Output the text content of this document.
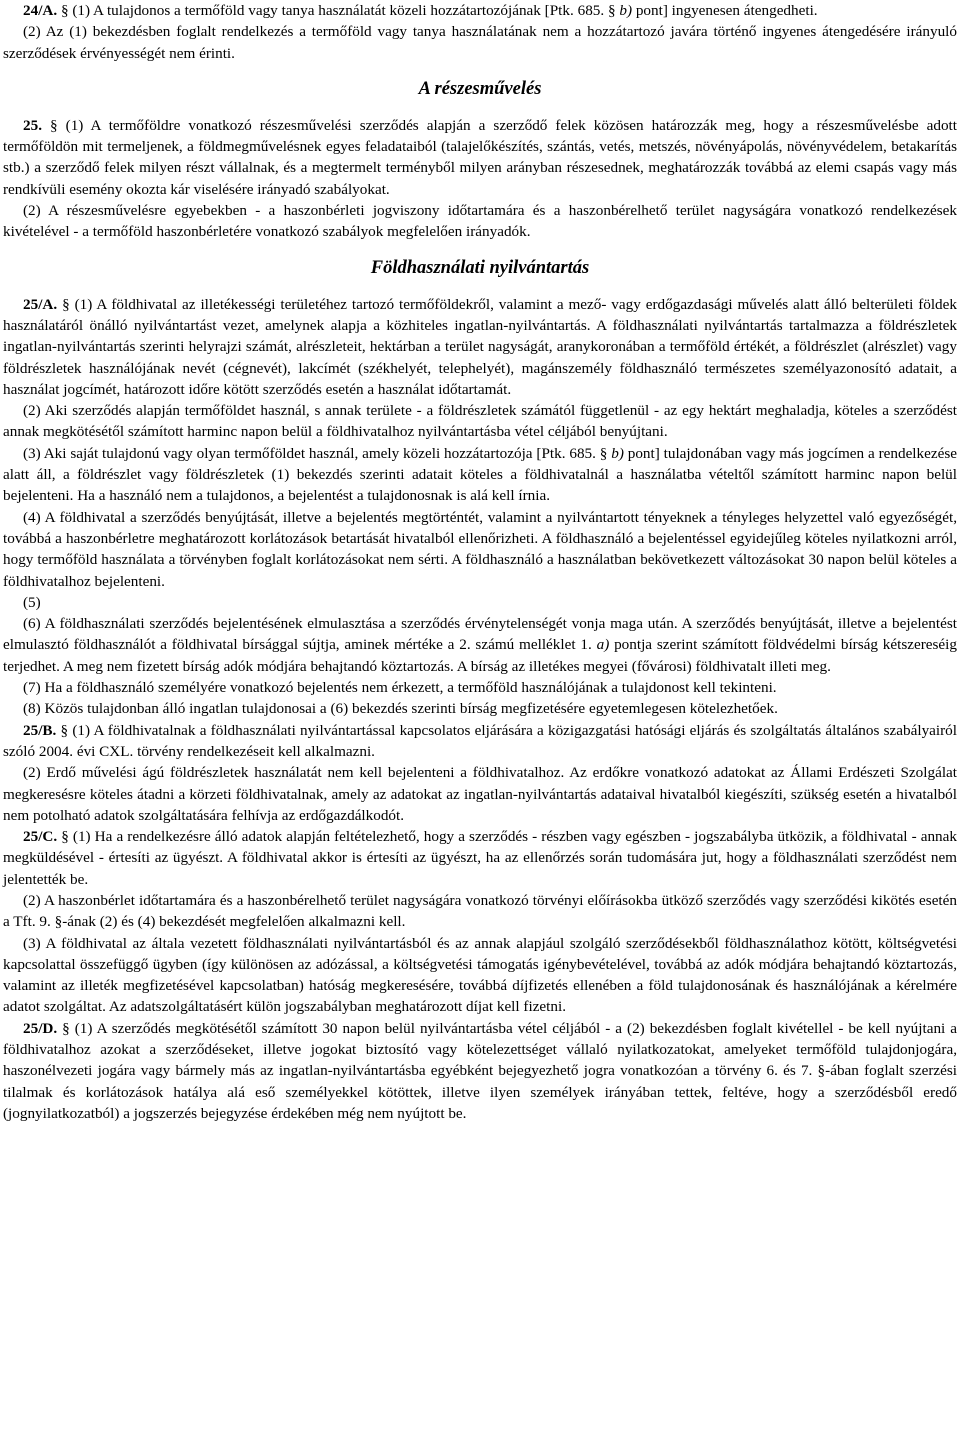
24/A. § (1) A tulajdonos a termőföld vagy tanya használatát közeli hozzátartozójának [Ptk. 685. § b) pont] ingyenesen átengedheti.

(2) Az (1) bekezdésben foglalt rendelkezés a termőföld vagy tanya használatának nem a hozzátartozó javára történő ingyenes átengedésére irányuló szerződések érvényességét nem érinti.

A részesművelés

25. § (1) A termőföldre vonatkozó részesművelési szerződés alapján a szerződő felek közösen határozzák meg, hogy a részesművelésbe adott termőföldön mit termeljenek, a földmegművelésnek egyes feladataiból (talajelőkészítés, szántás, vetés, metszés, növényápolás, növényvédelem, betakarítás stb.) a szerződő felek milyen részt vállalnak, és a megtermelt terményből milyen arányban részesednek, meghatározzák továbbá az elemi csapás vagy más rendkívüli esemény okozta kár viselésére irányadó szabályokat.

(2) A részesművelésre egyebekben - a haszonbérleti jogviszony időtartamára és a haszonbérelhető terület nagyságára vonatkozó rendelkezések kivételével - a termőföld haszonbérletére vonatkozó szabályok megfelelően irányadók.

Földhasználati nyilvántartás

25/A. § (1) A földhivatal az illetékességi területéhez tartozó termőföldekről, valamint a mező- vagy erdőgazdasági művelés alatt álló belterületi földek használatáról önálló nyilvántartást vezet, amelynek alapja a közhiteles ingatlan-nyilvántartás. A földhasználati nyilvántartás tartalmazza a földrészletek ingatlan-nyilvántartás szerinti helyrajzi számát, alrészleteit, hektárban a terület nagyságát, aranykoronában a termőföld értékét, a földrészlet (alrészlet) vagy földrészletek használójának nevét (cégnevét), lakcímét (székhelyét, telephelyét), magánszemély földhasználó természetes személyazonosító adatait, a használat jogcímét, határozott időre kötött szerződés esetén a használat időtartamát.

(2) Aki szerződés alapján termőföldet használ, s annak területe - a földrészletek számától függetlenül - az egy hektárt meghaladja, köteles a szerződést annak megkötésétől számított harminc napon belül a földhivatalhoz nyilvántartásba vétel céljából benyújtani.

(3) Aki saját tulajdonú vagy olyan termőföldet használ, amely közeli hozzátartozója [Ptk. 685. § b) pont] tulajdonában vagy más jogcímen a rendelkezése alatt áll, a földrészlet vagy földrészletek (1) bekezdés szerinti adatait köteles a földhivatalnál a használatba vételtől számított harminc napon belül bejelenteni. Ha a használó nem a tulajdonos, a bejelentést a tulajdonosnak is alá kell írnia.

(4) A földhivatal a szerződés benyújtását, illetve a bejelentés megtörténtét, valamint a nyilvántartott tényeknek a tényleges helyzettel való egyezőségét, továbbá a haszonbérletre meghatározott korlátozások betartását hivatalból ellenőrizheti. A földhasználó a bejelentéssel egyidejűleg köteles nyilatkozni arról, hogy termőföld használata a törvényben foglalt korlátozásokat nem sérti. A földhasználó a használatban bekövetkezett változásokat 30 napon belül köteles a földhivatalhoz bejelenteni.

(5)

(6) A földhasználati szerződés bejelentésének elmulasztása a szerződés érvénytelenségét vonja maga után. A szerződés benyújtását, illetve a bejelentést elmulasztó földhasználót a földhivatal bírsággal sújtja, aminek mértéke a 2. számú melléklet 1. a) pontja szerint számított földvédelmi bírság kétszereséig terjedhet. A meg nem fizetett bírság adók módjára behajtandó köztartozás. A bírság az illetékes megyei (fővárosi) földhivatalt illeti meg.

(7) Ha a földhasználó személyére vonatkozó bejelentés nem érkezett, a termőföld használójának a tulajdonost kell tekinteni.

(8) Közös tulajdonban álló ingatlan tulajdonosai a (6) bekezdés szerinti bírság megfizetésére egyetemlegesen kötelezhetőek.

25/B. § (1) A földhivatalnak a földhasználati nyilvántartással kapcsolatos eljárására a közigazgatási hatósági eljárás és szolgáltatás általános szabályairól szóló 2004. évi CXL. törvény rendelkezéseit kell alkalmazni.

(2) Erdő művelési ágú földrészletek használatát nem kell bejelenteni a földhivatalhoz. Az erdőkre vonatkozó adatokat az Állami Erdészeti Szolgálat megkeresésre köteles átadni a körzeti földhivatalnak, amely az adatokat az ingatlan-nyilvántartás adataival hivatalból kiegészíti, szükség esetén a hivatalból nem potolható adatok szolgáltatására felhívja az erdőgazdálkodót.

25/C. § (1) Ha a rendelkezésre álló adatok alapján feltételezhető, hogy a szerződés - részben vagy egészben - jogszabályba ütközik, a földhivatal - annak megküldésével - értesíti az ügyészt. A földhivatal akkor is értesíti az ügyészt, ha az ellenőrzés során tudomására jut, hogy a földhasználati szerződést nem jelentették be.

(2) A haszonbérlet időtartamára és a haszonbérelhető terület nagyságára vonatkozó törvényi előírásokba ütköző szerződés vagy szerződési kikötés esetén a Tft. 9. §-ának (2) és (4) bekezdését megfelelően alkalmazni kell.

(3) A földhivatal az általa vezetett földhasználati nyilvántartásból és az annak alapjául szolgáló szerződésekből földhasználathoz kötött, költségvetési kapcsolattal összefüggő ügyben (így különösen az adózással, a költségvetési támogatás igénybevételével, továbbá az adók módjára behajtandó köztartozás, valamint az illeték megfizetésével kapcsolatban) hatóság megkeresésére, továbbá díjfizetés ellenében a föld tulajdonosának és használójának a kérelmére adatot szolgáltat. Az adatszolgáltatásért külön jogszabályban meghatározott díjat kell fizetni.

25/D. § (1) A szerződés megkötésétől számított 30 napon belül nyilvántartásba vétel céljából - a (2) bekezdésben foglalt kivétellel - be kell nyújtani a földhivatalhoz azokat a szerződéseket, illetve jogokat biztosító vagy kötelezettséget vállaló nyilatkozatokat, amelyeket termőföld tulajdonjogára, haszonélvezeti jogára vagy bármely más az ingatlan-nyilvántartásba egyébként bejegyezhető jogra vonatkozóan a törvény 6. és 7. §-ában foglalt szerzési tilalmak és korlátozások hatálya alá eső személyekkel kötöttek, illetve ilyen személyek irányában tettek, feltéve, hogy a szerződésből eredő (jognyilatkozatból) a jogszerzés bejegyzése érdekében még nem nyújtott be.
